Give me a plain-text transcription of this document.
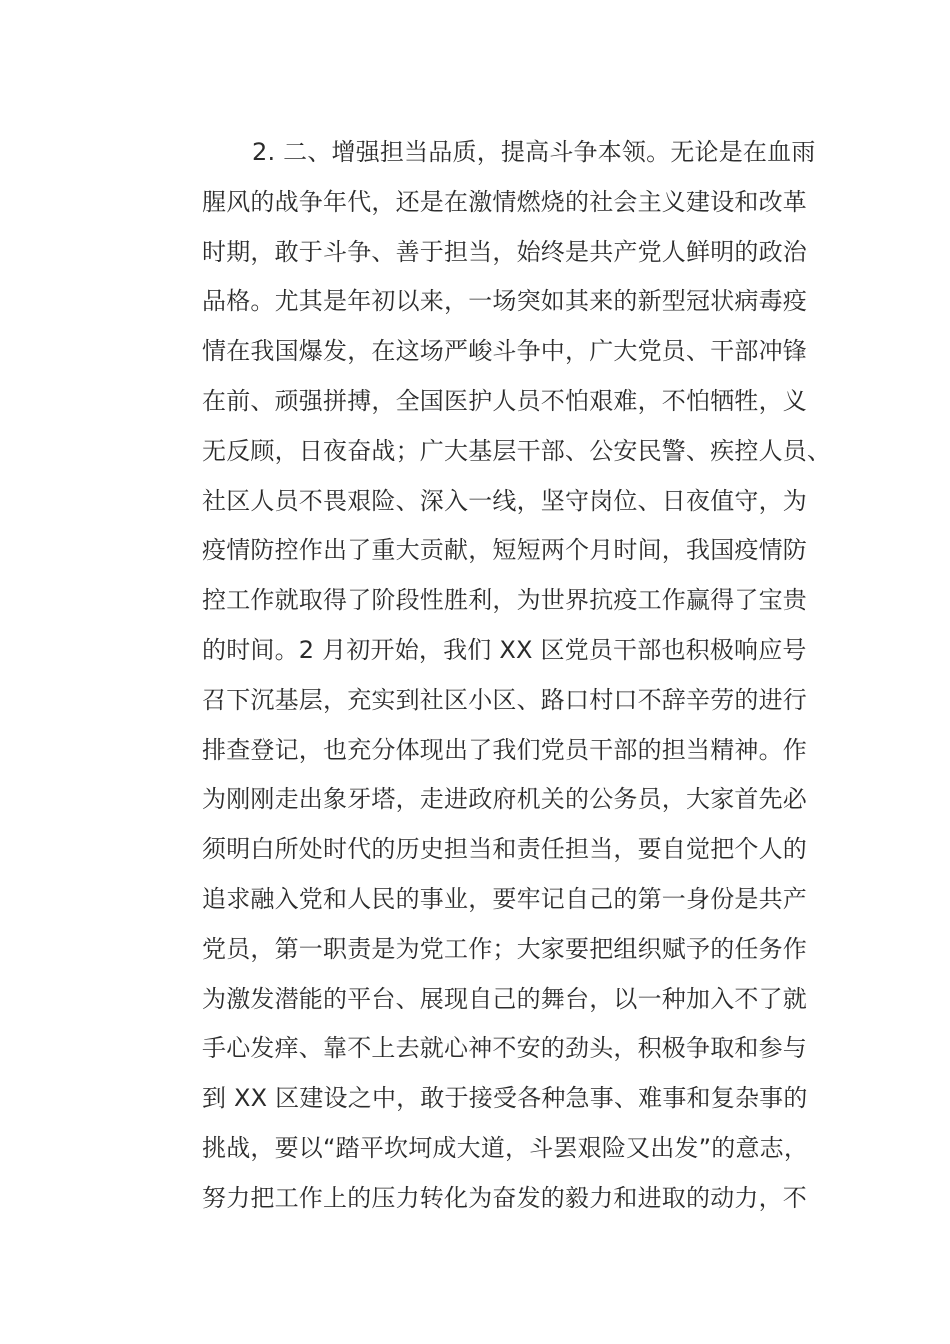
2. 二、增强担当品质，提高斗争本领。无论是在血雨
腥风的战争年代，还是在激情燃烧的社会主义建设和改革
时期，敢于斗争、善于担当，始终是共产党人鲜明的政治
品格。尤其是年初以来，一场突如其来的新型冠状病毒疫
情在我国爆发，在这场严峻斗争中，广大党员、干部冲锋
在前、顽强拼搏，全国医护人员不怕艰难，不怕牺牲，义
无反顾，日夜奋战；广大基层干部、公安民警、疾控人员、
社区人员不畏艰险、深入一线，坚守岗位、日夜值守，为
疫情防控作出了重大贡献，短短两个月时间，我国疫情防
控工作就取得了阶段性胜利，为世界抗疫工作赢得了宝贵
的时间。2 月初开始，我们 XX 区党员干部也积极响应号
召下沉基层，充实到社区小区、路口村口不辞辛劳的进行
排查登记，也充分体现出了我们党员干部的担当精神。作
为刚刚走出象牙塔，走进政府机关的公务员，大家首先必
须明白所处时代的历史担当和责任担当，要自觉把个人的
追求融入党和人民的事业，要牢记自己的第一身份是共产
党员，第一职责是为党工作；大家要把组织赋予的任务作
为激发潜能的平台、展现自己的舞台，以一种加入不了就
手心发痒、靠不上去就心神不安的劲头，积极争取和参与
到 XX 区建设之中，敢于接受各种急事、难事和复杂事的
挑战，要以“踏平坎坷成大道，斗罢艰险又出发”的意志，
努力把工作上的压力转化为奋发的毅力和进取的动力，不
